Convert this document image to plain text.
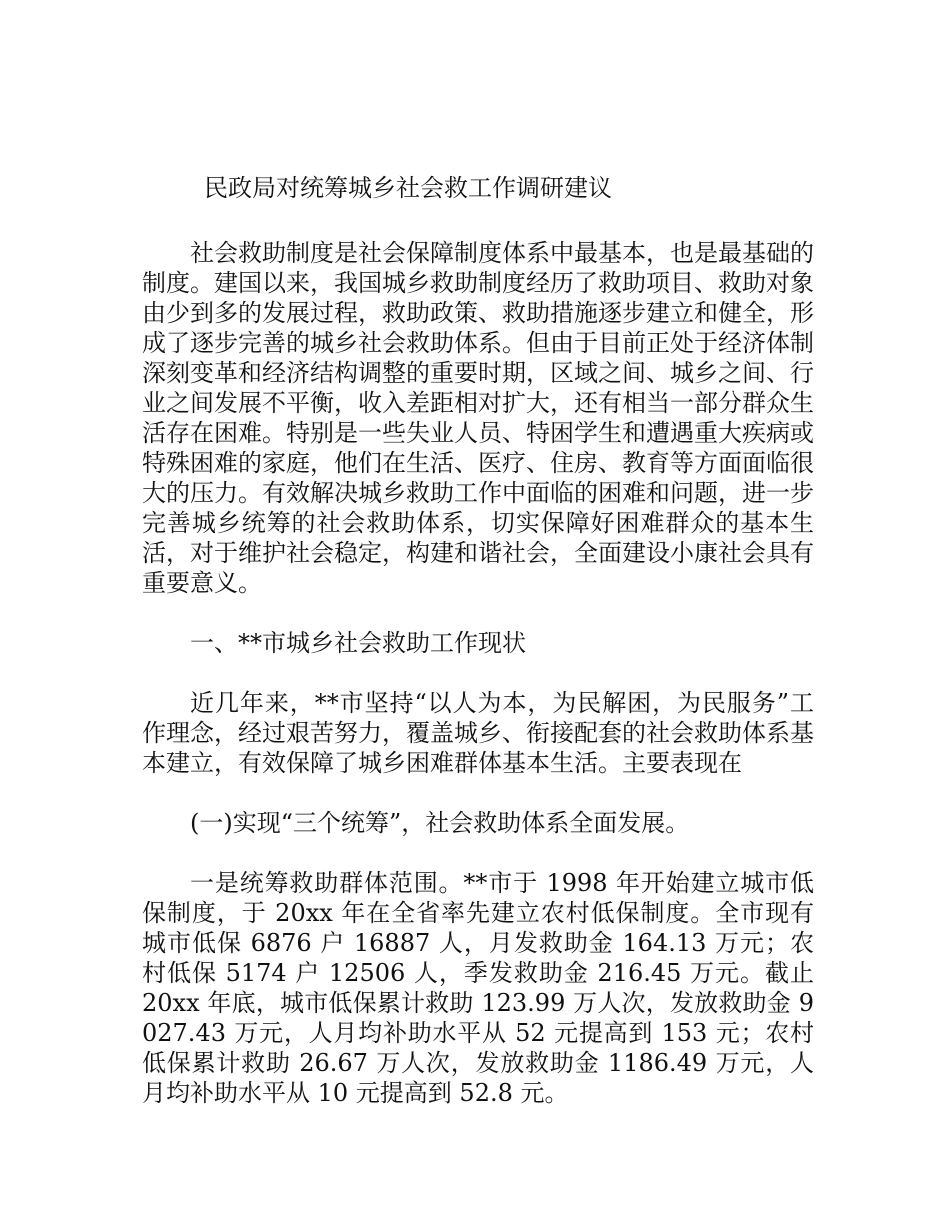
民政局对统筹城乡社会救工作调研建议

社会救助制度是社会保障制度体系中最基本，也是最基础的制度。建国以来，我国城乡救助制度经历了救助项目、救助对象由少到多的发展过程，救助政策、救助措施逐步建立和健全，形成了逐步完善的城乡社会救助体系。但由于目前正处于经济体制深刻变革和经济结构调整的重要时期，区域之间、城乡之间、行业之间发展不平衡，收入差距相对扩大，还有相当一部分群众生活存在困难。特别是一些失业人员、特困学生和遭遇重大疾病或特殊困难的家庭，他们在生活、医疗、住房、教育等方面面临很大的压力。有效解决城乡救助工作中面临的困难和问题，进一步完善城乡统筹的社会救助体系，切实保障好困难群众的基本生活，对于维护社会稳定，构建和谐社会，全面建设小康社会具有重要意义。

一、**市城乡社会救助工作现状

近几年来，**市坚持“以人为本，为民解困，为民服务”工作理念，经过艰苦努力，覆盖城乡、衔接配套的社会救助体系基本建立，有效保障了城乡困难群体基本生活。主要表现在

(一)实现“三个统筹”，社会救助体系全面发展。

一是统筹救助群体范围。**市于 1998 年开始建立城市低保制度，于 20xx 年在全省率先建立农村低保制度。全市现有城市低保 6876 户 16887 人，月发救助金 164.13 万元；农村低保 5174 户 12506 人，季发救助金 216.45 万元。截止 20xx 年底，城市低保累计救助 123.99 万人次，发放救助金 9027.43 万元，人月均补助水平从 52 元提高到 153 元；农村低保累计救助 26.67 万人次，发放救助金 1186.49 万元，人月均补助水平从 10 元提高到 52.8 元。
